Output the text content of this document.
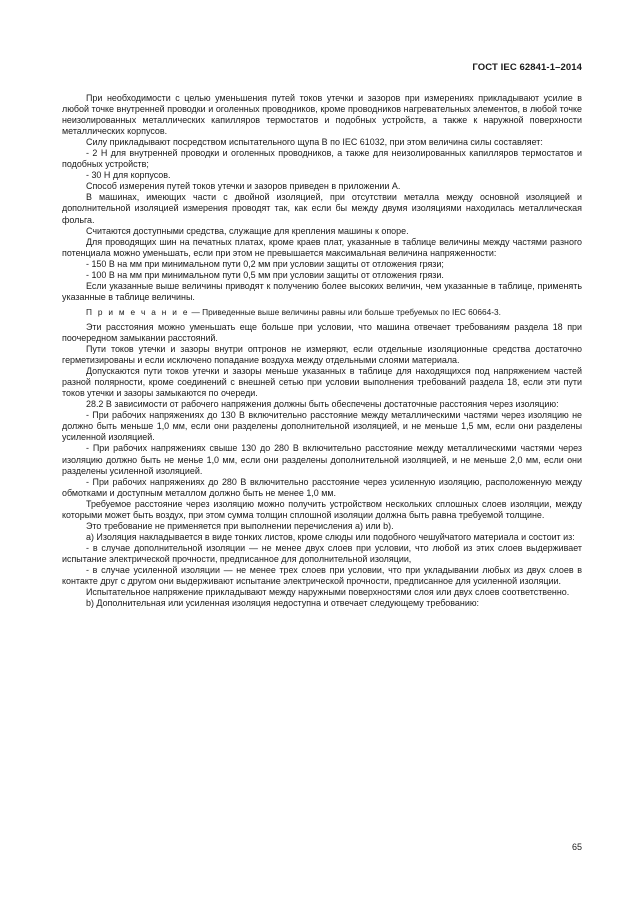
ГОСТ IEC 62841-1–2014

При необходимости с целью уменьшения путей токов утечки и зазоров при измерениях прикладывают усилие в любой точке внутренней проводки и оголенных проводников, кроме проводников нагревательных элементов, в любой точке неизолированных металлических капилляров термостатов и подобных устройств, а также к наружной поверхности металлических корпусов.

Силу прикладывают посредством испытательного щупа B по IEC 61032, при этом величина силы составляет:

- 2 Н для внутренней проводки и оголенных проводников, а также для неизолированных капилляров термостатов и подобных устройств;

- 30 Н для корпусов.

Способ измерения путей токов утечки и зазоров приведен в приложении А.

В машинах, имеющих части с двойной изоляцией, при отсутствии металла между основной изоляцией и дополнительной изоляцией измерения проводят так, как если бы между двумя изоляциями находилась металлическая фольга.

Считаются доступными средства, служащие для крепления машины к опоре.

Для проводящих шин на печатных платах, кроме краев плат, указанные в таблице величины между частями разного потенциала можно уменьшать, если при этом не превышается максимальная величина напряженности:

- 150 В на мм при минимальном пути 0,2 мм при условии защиты от отложения грязи;

- 100 В на мм при минимальном пути 0,5 мм при условии защиты от отложения грязи.

Если указанные выше величины приводят к получению более высоких величин, чем указанные в таблице, применять указанные в таблице величины.

П р и м е ч а н и е — Приведенные выше величины равны или больше требуемых по IEC 60664-3.

Эти расстояния можно уменьшать еще больше при условии, что машина отвечает требованиям раздела 18 при поочередном замыкании расстояний.

Пути токов утечки и зазоры внутри оптронов не измеряют, если отдельные изоляционные средства достаточно герметизированы и если исключено попадание воздуха между отдельными слоями материала.

Допускаются пути токов утечки и зазоры меньше указанных в таблице для находящихся под напряжением частей разной полярности, кроме соединений с внешней сетью при условии выполнения требований раздела 18, если эти пути токов утечки и зазоры замыкаются по очереди.

28.2 В зависимости от рабочего напряжения должны быть обеспечены достаточные расстояния через изоляцию:

- При рабочих напряжениях до 130 В включительно расстояние между металлическими частями через изоляцию не должно быть меньше 1,0 мм, если они разделены дополнительной изоляцией, и не меньше 1,5 мм, если они разделены усиленной изоляцией.

- При рабочих напряжениях свыше 130 до 280 В включительно расстояние между металлическими частями через изоляцию должно быть не менье 1,0 мм, если они разделены дополнительной изоляцией, и не меньше 2,0 мм, если они разделены усиленной изоляцией.

- При рабочих напряжениях до 280 В включительно расстояние через усиленную изоляцию, расположенную между обмотками и доступным металлом должно быть не менее 1,0 мм.

Требуемое расстояние через изоляцию можно получить устройством нескольких сплошных слоев изоляции, между которыми может быть воздух, при этом сумма толщин сплошной изоляции должна быть равна требуемой толщине.

Это требование не применяется при выполнении перечисления а) или b).

а) Изоляция накладывается в виде тонких листов, кроме слюды или подобного чешуйчатого материала и состоит из:

- в случае дополнительной изоляции — не менее двух слоев при условии, что любой из этих слоев выдерживает испытание электрической прочности, предписанное для дополнительной изоляции,

- в случае усиленной изоляции — не менее трех слоев при условии, что при укладывании любых из двух слоев в контакте друг с другом они выдерживают испытание электрической прочности, предписанное для усиленной изоляции.

Испытательное напряжение прикладывают между наружными поверхностями слоя или двух слоев соответственно.

b) Дополнительная или усиленная изоляция недоступна и отвечает следующему требованию:

65
